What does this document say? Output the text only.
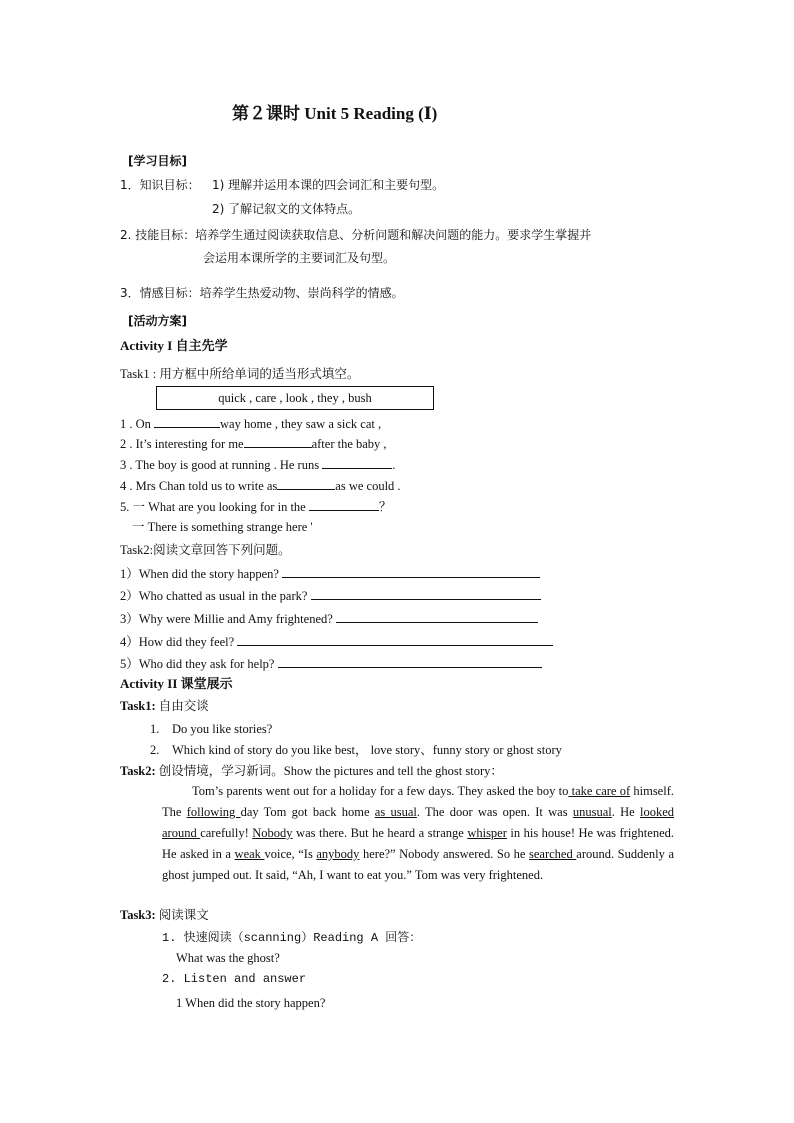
第２课时 Unit 5 Reading (Ⅰ)
[学习目标]
1．知识目标： 1) 理解并运用本课的四会词汇和主要句型。
2) 了解记叙文的文体特点。
2. 技能目标：培养学生通过阅读获取信息、分析问题和解决问题的能力。要求学生掌握并
会运用本课所学的主要词汇及句型。
3．情感目标：培养学生热爱动物、崇尚科学的情感。
[活动方案]
Activity I 自主先学
Task1 : 用方框中所给单词的适当形式填空。
quick , care , look , they , bush
1 . On	way home , they saw a sick cat ,
2 . It’s interesting for me	after the baby ,
3 . The boy is good at running . He runs	.
4 . Mrs Chan told us to write as	as we could .
5. 一 What are you looking for in the	？
一 There is something strange here '
Task2:阅读文章回答下列问题。
1）When did the story happen?
2）Who chatted as usual in the park?
3）Why were Millie and Amy frightened?
4）How did they feel?
5）Who did they ask for help?
Activity II 课堂展示
Task1: 自由交谈
1. Do you like stories?
2. Which kind of story do you like best， love story、funny story or ghost story
Task2: 创设情境，学习新词。Show the pictures and tell the ghost story：
Tom’s parents went out for a holiday for a few days. They asked the boy to take care of himself. The following day Tom got back home as usual. The door was open. It was unusual. He looked around carefully! Nobody was there. But he heard a strange whisper in his house! He was frightened. He asked in a weak voice, “Is anybody here?” Nobody answered. So he searched around. Suddenly a ghost jumped out. It said, “Ah, I want to eat you.” Tom was very frightened.
Task3: 阅读课文
1. 快速阅读（scanning）Reading A 回答：
What was the ghost?
2. Listen and answer
1 When did the story happen?
